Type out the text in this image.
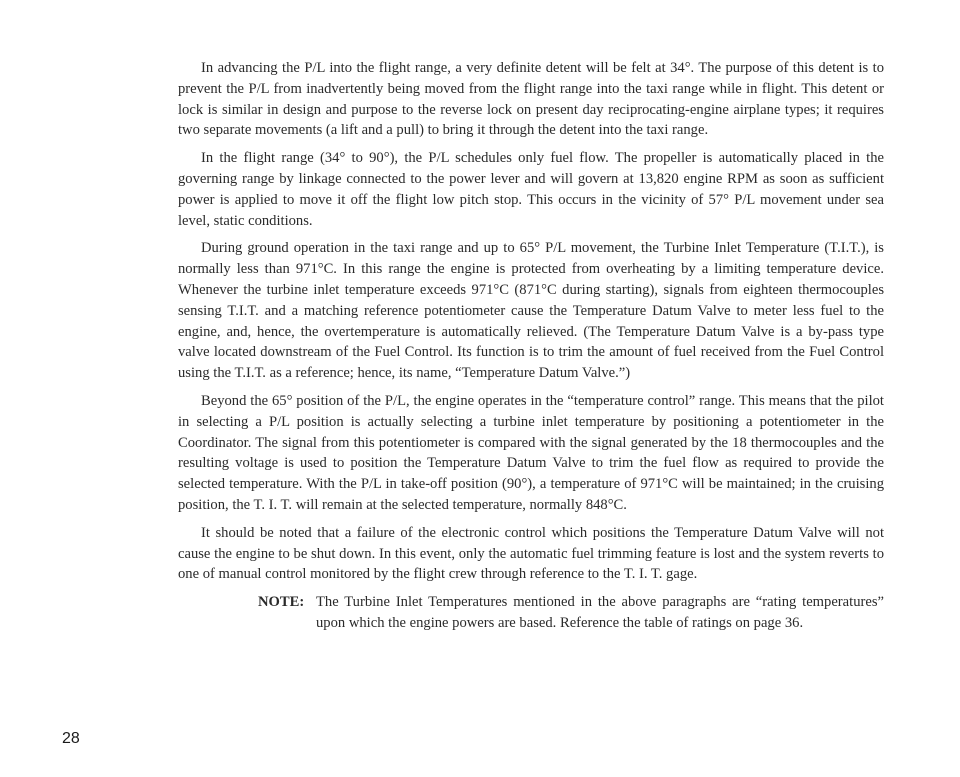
In advancing the P/L into the flight range, a very definite detent will be felt at 34°. The purpose of this detent is to prevent the P/L from inadvertently being moved from the flight range into the taxi range while in flight. This detent or lock is similar in design and purpose to the reverse lock on present day reciprocating-engine airplane types; it requires two separate movements (a lift and a pull) to bring it through the detent into the taxi range.

In the flight range (34° to 90°), the P/L schedules only fuel flow. The propeller is automatically placed in the governing range by linkage connected to the power lever and will govern at 13,820 engine RPM as soon as sufficient power is applied to move it off the flight low pitch stop. This occurs in the vicinity of 57° P/L movement under sea level, static conditions.

During ground operation in the taxi range and up to 65° P/L movement, the Turbine Inlet Temperature (T.I.T.), is normally less than 971°C. In this range the engine is protected from overheating by a limiting temperature device. Whenever the turbine inlet temperature exceeds 971°C (871°C during starting), signals from eighteen thermocouples sensing T.I.T. and a matching reference potentiometer cause the Temperature Datum Valve to meter less fuel to the engine, and, hence, the overtemperature is automatically relieved. (The Temperature Datum Valve is a by-pass type valve located downstream of the Fuel Control. Its function is to trim the amount of fuel received from the Fuel Control using the T.I.T. as a reference; hence, its name, “Temperature Datum Valve.”)

Beyond the 65° position of the P/L, the engine operates in the “temperature control” range. This means that the pilot in selecting a P/L position is actually selecting a turbine inlet temperature by positioning a potentiometer in the Coordinator. The signal from this potentiometer is compared with the signal generated by the 18 thermocouples and the resulting voltage is used to position the Temperature Datum Valve to trim the fuel flow as required to provide the selected temperature. With the P/L in take-off position (90°), a temperature of 971°C will be maintained; in the cruising position, the T. I. T. will remain at the selected temperature, normally 848°C.

It should be noted that a failure of the electronic control which positions the Temperature Datum Valve will not cause the engine to be shut down. In this event, only the automatic fuel trimming feature is lost and the system reverts to one of manual control monitored by the flight crew through reference to the T. I. T. gage.

NOTE: The Turbine Inlet Temperatures mentioned in the above paragraphs are “rating temperatures” upon which the engine powers are based. Reference the table of ratings on page 36.
28
